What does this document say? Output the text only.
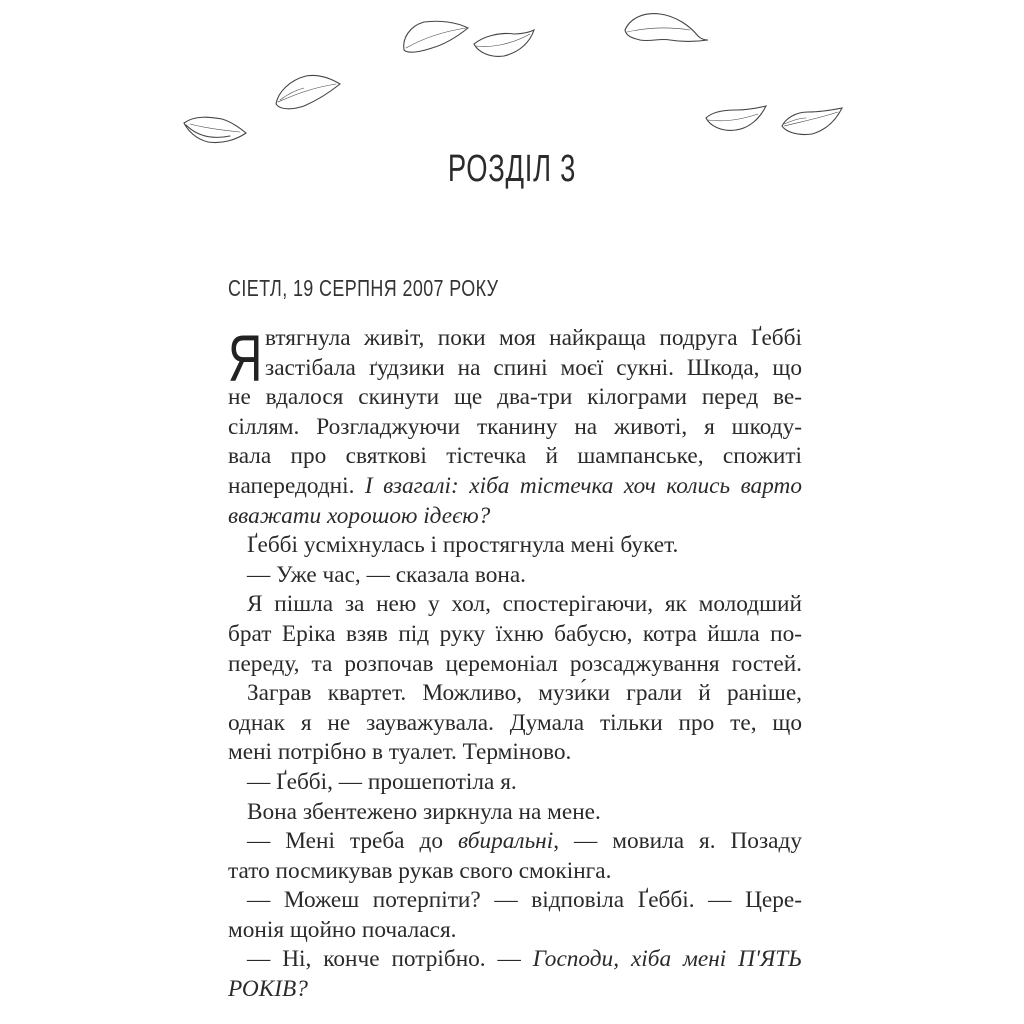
РОЗДІЛ 3
СІЕТЛ, 19 СЕРПНЯ 2007 РОКУ
Я втягнула живіт, поки моя найкраща подруга Ґеббі
застібала ґудзики на спині моєї сукні. Шкода, що
не вдалося скинути ще два-три кілограми перед ве-
сіллям. Розгладжуючи тканину на животі, я шкоду-
вала про святкові тістечка й шампанське, спожиті
напередодні. І взагалі: хіба тістечка хоч колись варто
вважати хорошою ідеєю?
Ґеббі усміхнулась і простягнула мені букет.
— Уже час, — сказала вона.
Я пішла за нею у хол, спостерігаючи, як молодший
брат Еріка взяв під руку їхню бабусю, котра йшла по-
переду, та розпочав церемоніал розсаджування гостей.
Заграв квартет. Можливо, музи́ки грали й раніше,
однак я не зауважувала. Думала тільки про те, що
мені потрібно в туалет. Терміново.
— Ґеббі, — прошепотіла я.
Вона збентежено зиркнула на мене.
— Мені треба до вбиральні, — мовила я. Позаду
тато посмикував рукав свого смокінга.
— Можеш потерпіти? — відповіла Ґеббі. — Цере-
монія щойно почалася.
— Ні, конче потрібно. — Господи, хіба мені П'ЯТЬ
РОКІВ?
